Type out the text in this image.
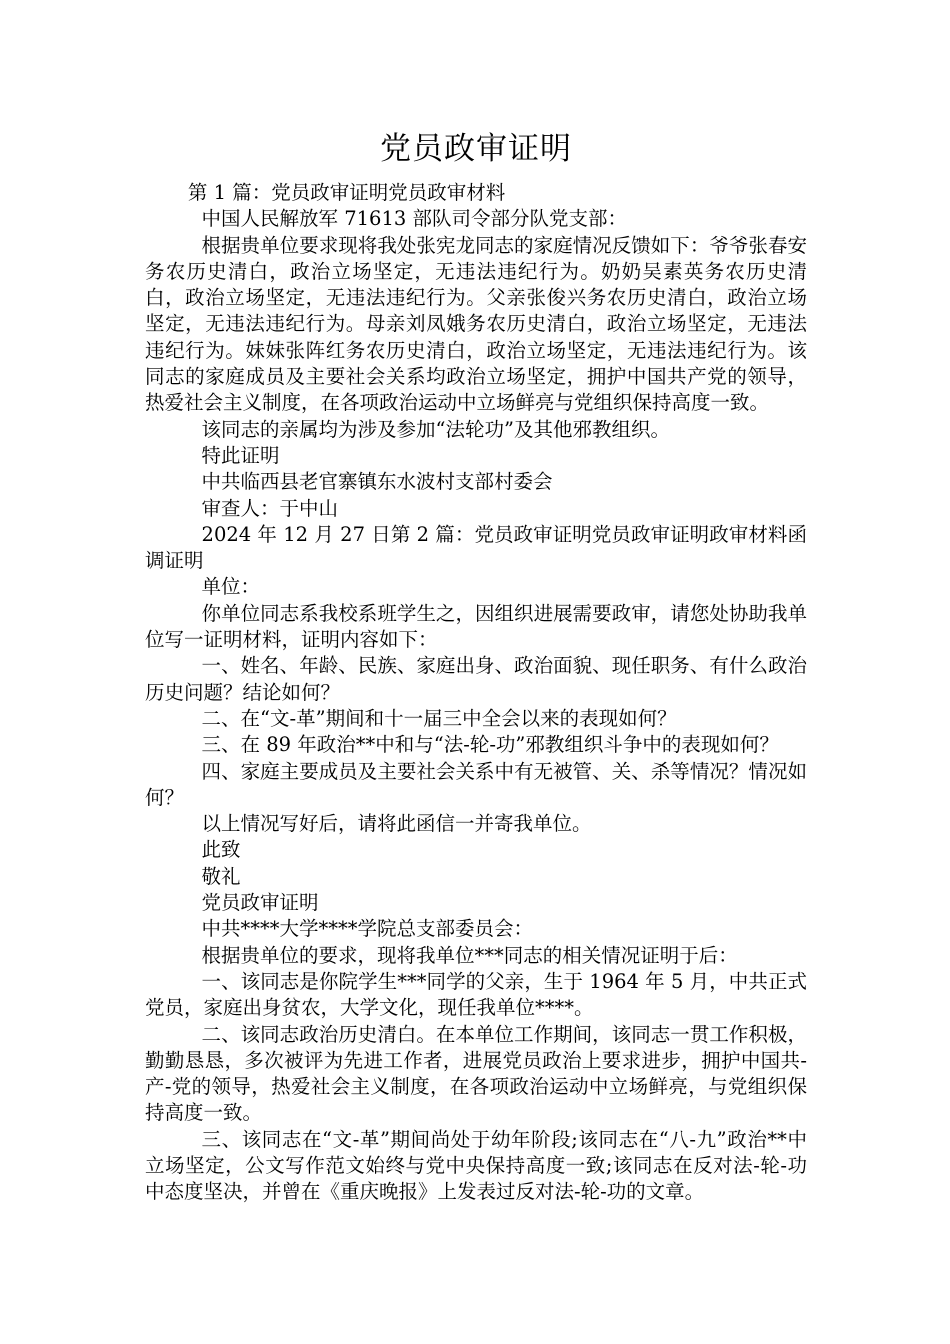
党员政审证明

第 1 篇：党员政审证明党员政审材料

中国人民解放军 71613 部队司令部分队党支部：

根据贵单位要求现将我处张宪龙同志的家庭情况反馈如下：爷爷张春安务农历史清白，政治立场坚定，无违法违纪行为。奶奶吴素英务农历史清白，政治立场坚定，无违法违纪行为。父亲张俊兴务农历史清白，政治立场坚定，无违法违纪行为。母亲刘凤娥务农历史清白，政治立场坚定，无违法违纪行为。妹妹张阵红务农历史清白，政治立场坚定，无违法违纪行为。该同志的家庭成员及主要社会关系均政治立场坚定，拥护中国共产党的领导，热爱社会主义制度，在各项政治运动中立场鲜亮与党组织保持高度一致。

该同志的亲属均为涉及参加“法轮功”及其他邪教组织。

特此证明

中共临西县老官寨镇东水波村支部村委会

审查人：于中山

2024 年 12 月 27 日第 2 篇：党员政审证明党员政审证明政审材料函调证明

单位：

你单位同志系我校系班学生之，因组织进展需要政审，请您处协助我单位写一证明材料，证明内容如下：

一、姓名、年龄、民族、家庭出身、政治面貌、现任职务、有什么政治历史问题？结论如何？

二、在“文-革”期间和十一届三中全会以来的表现如何？

三、在 89 年政治**中和与“法-轮-功”邪教组织斗争中的表现如何？

四、家庭主要成员及主要社会关系中有无被管、关、杀等情况？情况如何？

以上情况写好后，请将此函信一并寄我单位。

此致

敬礼

党员政审证明

中共****大学****学院总支部委员会：

根据贵单位的要求，现将我单位***同志的相关情况证明于后：

一、该同志是你院学生***同学的父亲，生于 1964 年 5 月，中共正式党员，家庭出身贫农，大学文化，现任我单位****。

二、该同志政治历史清白。在本单位工作期间，该同志一贯工作积极，勤勤恳恳，多次被评为先进工作者，进展党员政治上要求进步，拥护中国共-产-党的领导，热爱社会主义制度，在各项政治运动中立场鲜亮，与党组织保持高度一致。

三、该同志在“文-革”期间尚处于幼年阶段;该同志在“八-九”政治**中立场坚定，公文写作范文始终与党中央保持高度一致;该同志在反对法-轮-功中态度坚决，并曾在《重庆晚报》上发表过反对法-轮-功的文章。
